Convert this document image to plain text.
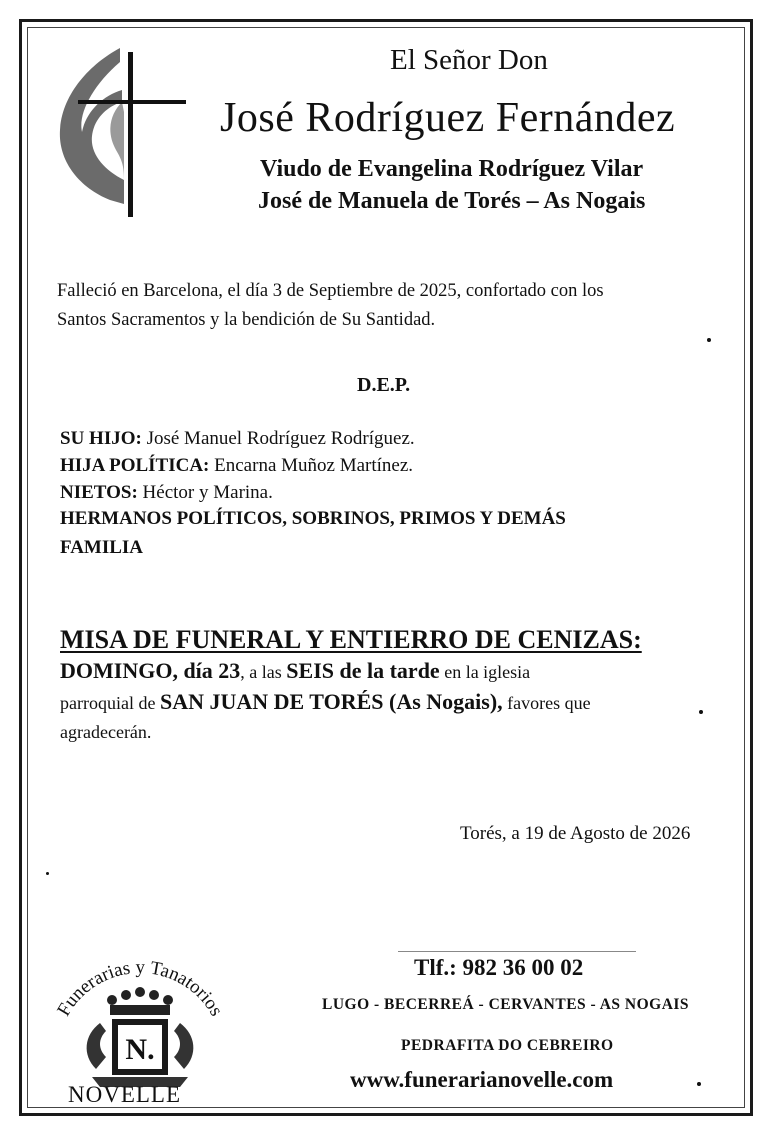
El Señor Don
José Rodríguez Fernández
Viudo de Evangelina Rodríguez Vilar
José de Manuela de Torés – As Nogais
Falleció en Barcelona, el día 3 de Septiembre de 2025, confortado con los
Santos Sacramentos y la bendición de Su Santidad.
D.E.P.
SU HIJO: José Manuel Rodríguez Rodríguez.
HIJA POLÍTICA: Encarna Muñoz Martínez.
NIETOS: Héctor y Marina.
HERMANOS POLÍTICOS, SOBRINOS, PRIMOS Y DEMÁS
FAMILIA
MISA DE FUNERAL Y ENTIERRO DE CENIZAS:
DOMINGO, día 23, a las SEIS de la tarde en la iglesia
parroquial de SAN JUAN DE TORÉS (As Nogais), favores que
agradecerán.
Torés, a 19 de Agosto de 2026
Funerarias y Tanatorios
N.
NOVELLE
Tlf.: 982 36 00 02
LUGO - BECERREÁ - CERVANTES - AS NOGAIS
PEDRAFITA DO CEBREIRO
www.funerarianovelle.com
